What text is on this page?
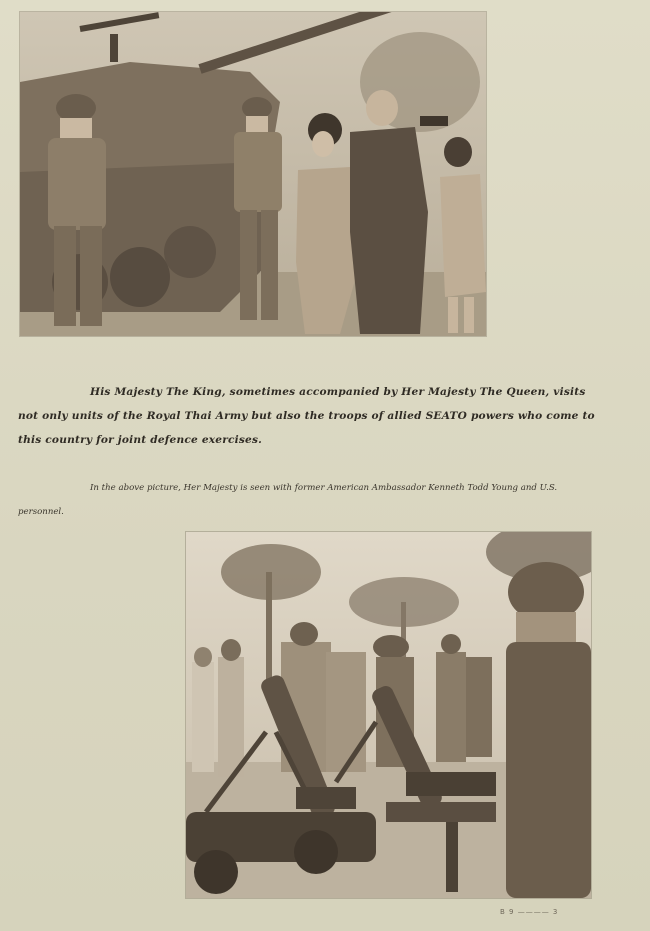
His Majesty The King, sometimes accompanied by Her Majesty The Queen, visits not only units of the Royal Thai Army but also the troops of allied SEATO powers who come to this country for joint defence exercises.
In the above picture, Her Majesty is seen with former American Ambassador Kenneth Todd Young and U.S. personnel.
B 9 ———— 3
